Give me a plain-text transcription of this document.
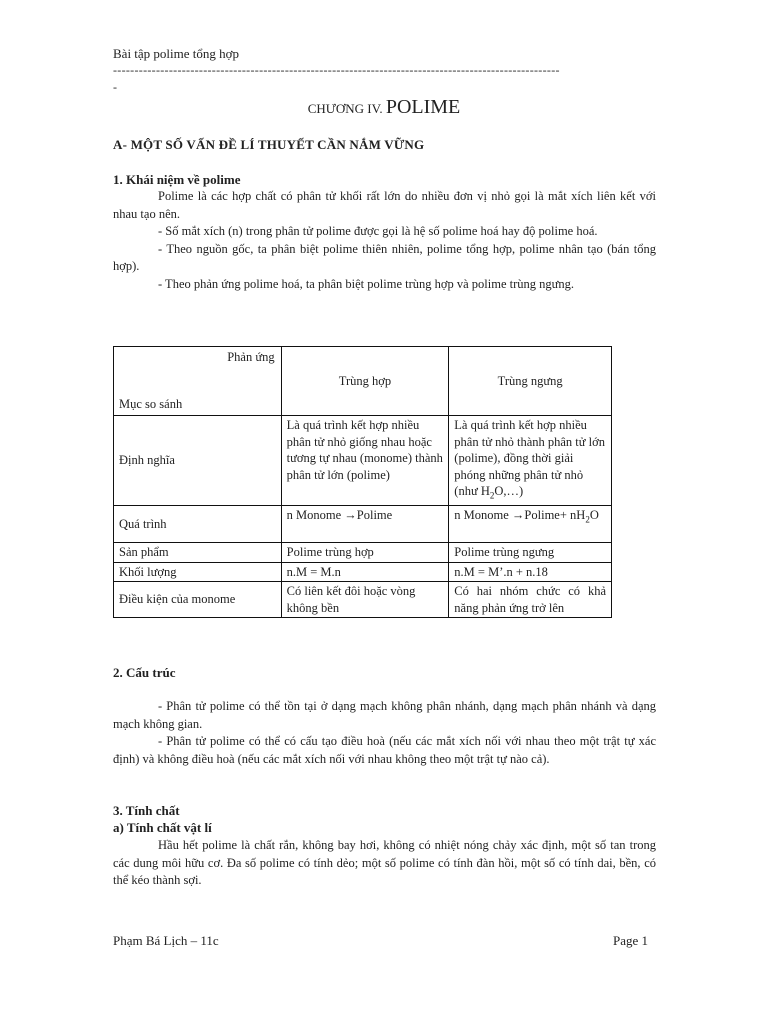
Bài tập polime tổng hợp
--------------------------------------------------------------------------------------------------------
-
CHƯƠNG IV. POLIME
A- MỘT SỐ VẤN ĐỀ LÍ THUYẾT CẦN NẮM VỮNG
1. Khái niệm về polime
Polime là các hợp chất có phân tử khối rất lớn do nhiều đơn vị nhỏ gọi là mắt xích liên kết với nhau tạo nên.
- Số mắt xích (n) trong phân tử polime được gọi là hệ số polime hoá hay độ polime hoá.
- Theo nguồn gốc, ta phân biệt polime thiên nhiên, polime tổng hợp, polime nhân tạo (bán tổng hợp).
- Theo phản ứng polime hoá, ta phân biệt polime trùng hợp và polime trùng ngưng.
Phản ứng
Mục so sánh	Trùng hợp	Trùng ngưng
Định nghĩa	Là quá trình kết hợp nhiều phân tử nhỏ giống nhau hoặc tương tự nhau (monome) thành phân tử lớn (polime)	Là quá trình kết hợp nhiều phân tử nhỏ thành phân tử lớn (polime), đồng thời giải phóng những phân tử nhỏ (như $H_2O,\dots$)
Quá trình	n Monome →Polime	n Monome $\to Polime+ nH_2O$
Sản phẩm	Polime trùng hợp	Polime trùng ngưng
Khối lượng	n.M = M.n	n.M = M’.n + n.18
Điều kiện của monome	Có liên kết đôi hoặc vòng không bền	Có hai nhóm chức có khả năng phản ứng trở lên
2. Cấu trúc
- Phân tử polime có thể tồn tại ở dạng mạch không phân nhánh, dạng mạch phân nhánh và dạng mạch không gian.
- Phân tử polime có thể có cấu tạo điều hoà (nếu các mắt xích nối với nhau theo một trật tự xác định) và không điều hoà (nếu các mắt xích nối với nhau không theo một trật tự nào cả).
3. Tính chất
a) Tính chất vật lí
Hầu hết polime là chất rắn, không bay hơi, không có nhiệt nóng chảy xác định, một số tan trong các dung môi hữu cơ. Đa số polime có tính dẻo; một số polime có tính đàn hồi, một số có tính dai, bền, có thể kéo thành sợi.
Phạm Bá Lịch – 11c	Page 1
